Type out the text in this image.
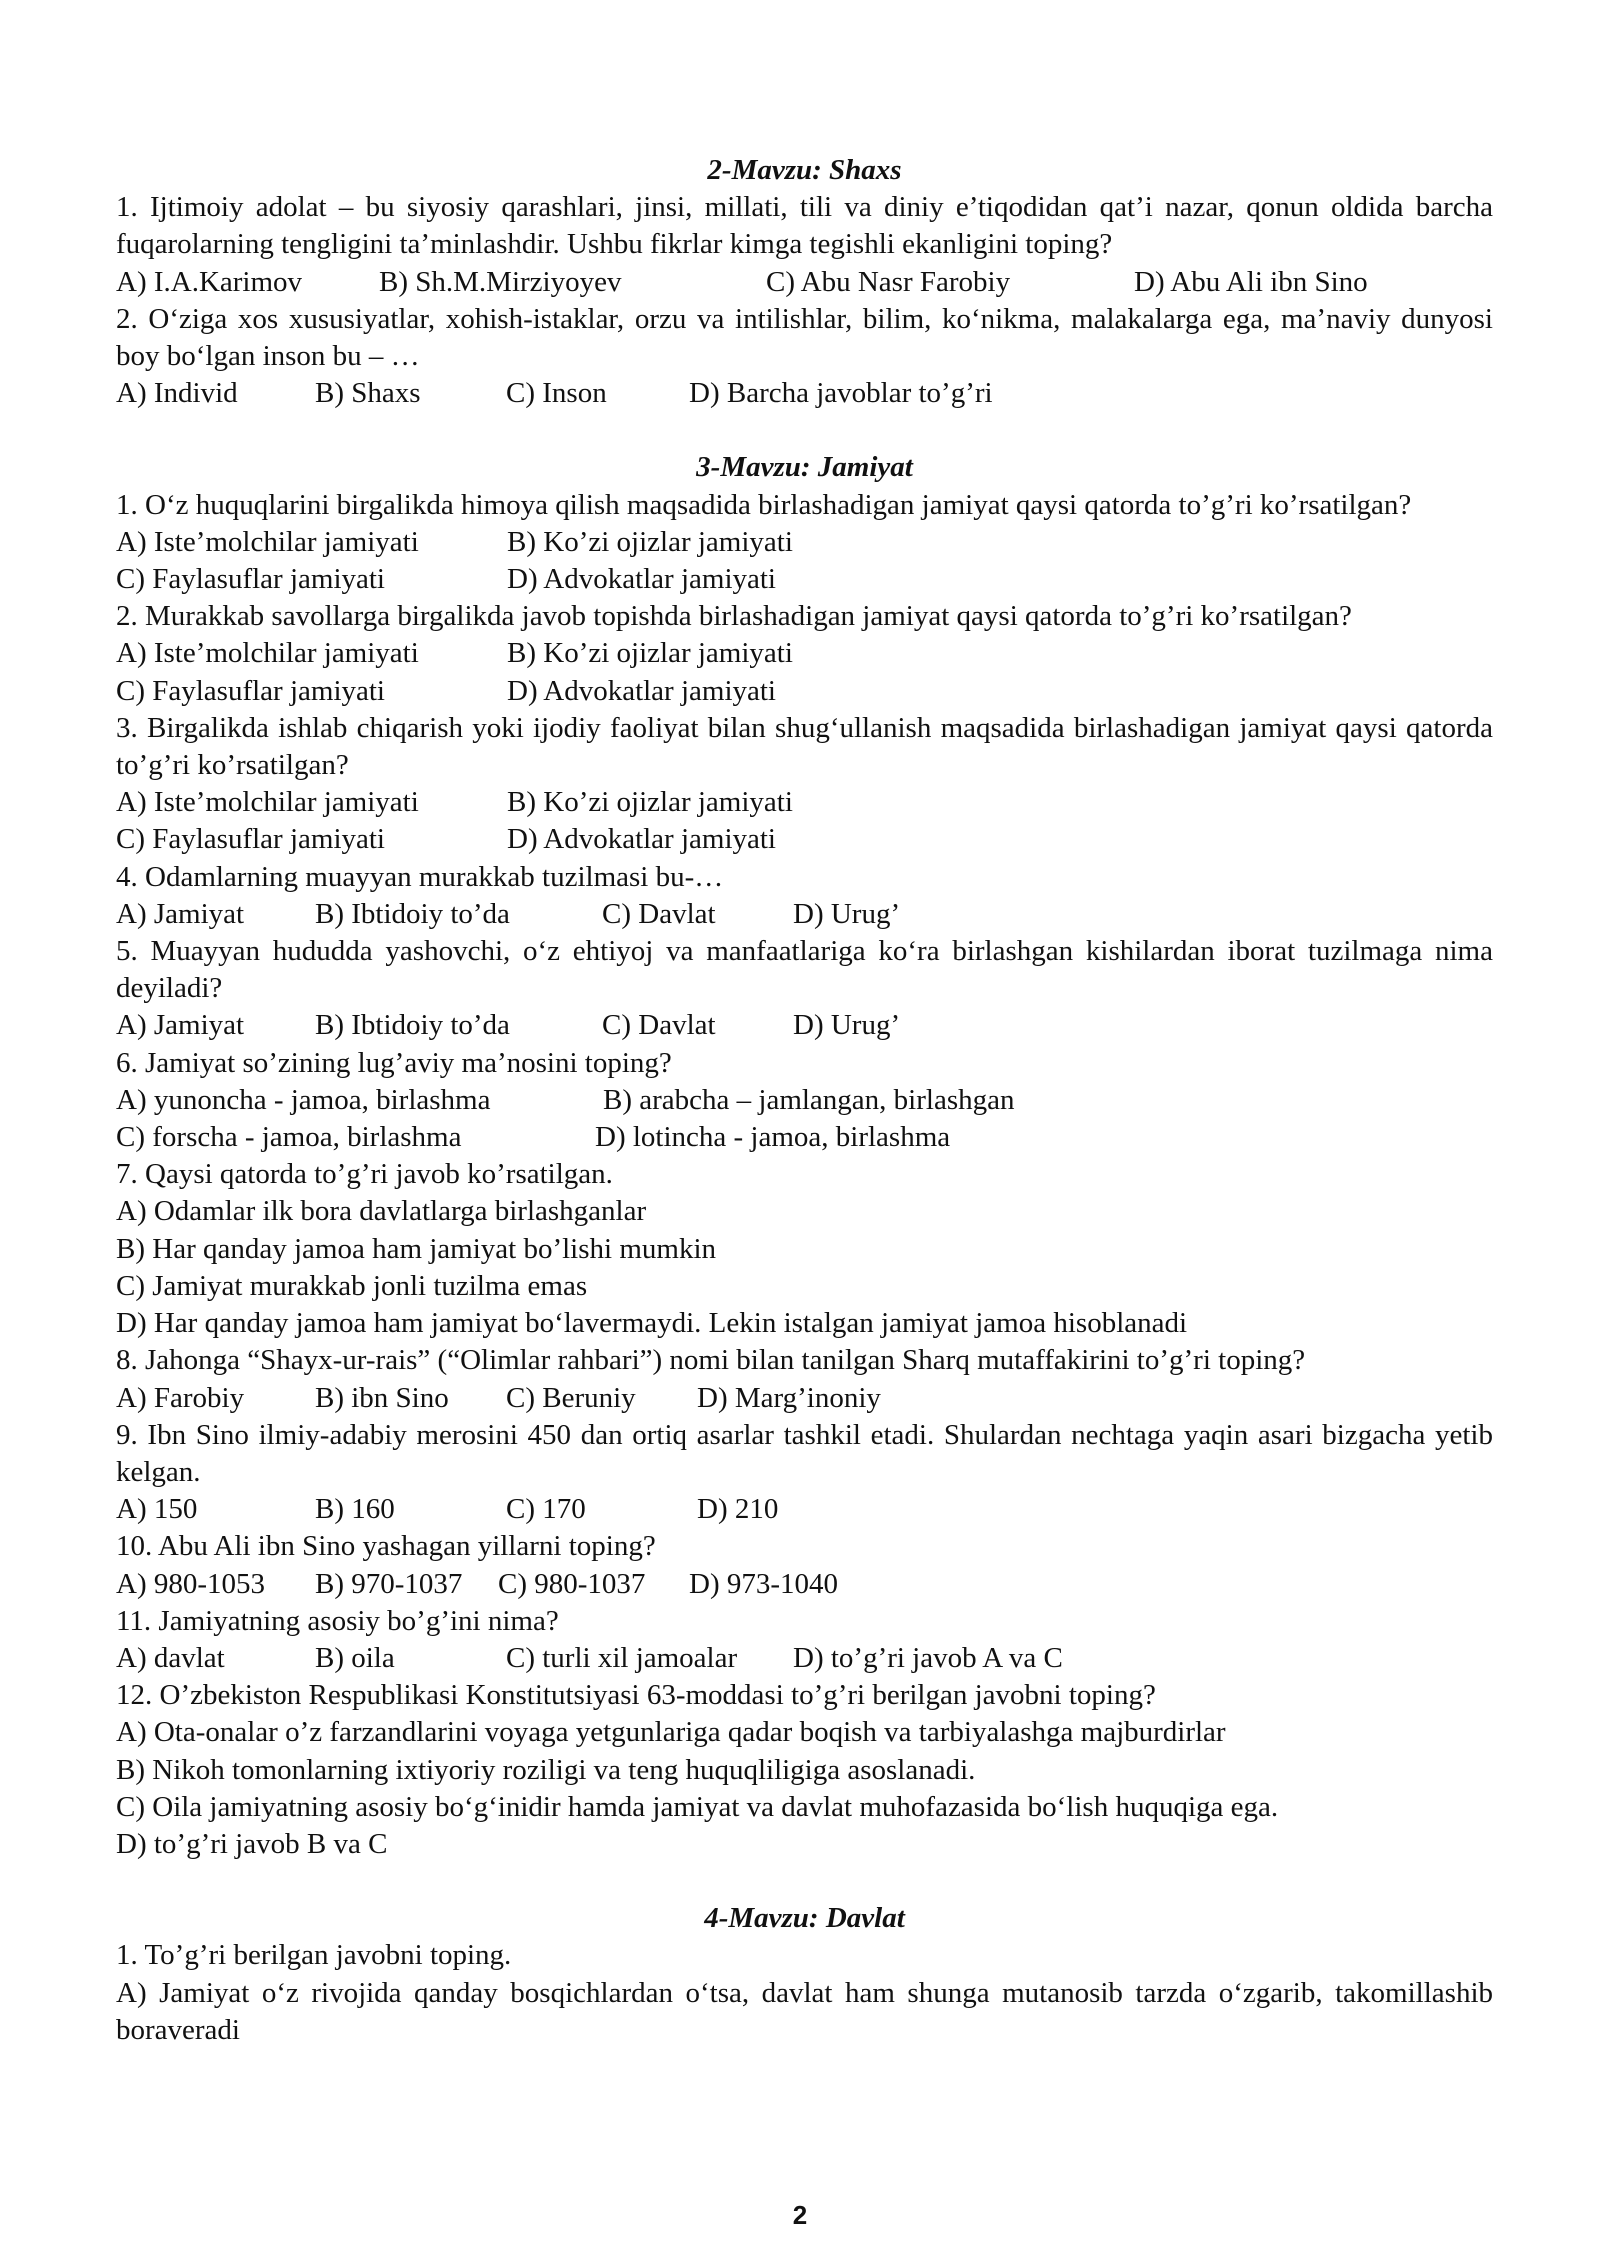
2-Mavzu: Shaxs
1. Ijtimoiy adolat – bu siyosiy qarashlari, jinsi, millati, tili va diniy e’tiqodidan qat’i nazar, qonun oldida barcha fuqarolarning tengligini ta’minlashdir. Ushbu fikrlar kimga tegishli ekanligini toping?
A) I.A.Karimov	B) Sh.M.Mirziyoyev	C) Abu Nasr Farobiy	D) Abu Ali ibn Sino
2. O‘ziga xos xususiyatlar, xohish-istaklar, orzu va intilishlar, bilim, ko‘nikma, malakalarga ega, ma’naviy dunyosi boy bo‘lgan inson bu – …
A) Individ	B) Shaxs	C) Inson	D) Barcha javoblar to’g’ri
3-Mavzu: Jamiyat
1. O‘z huquqlarini birgalikda himoya qilish maqsadida birlashadigan jamiyat qaysi qatorda to’g’ri ko’rsatilgan?
A) Iste’molchilar jamiyati	B) Ko’zi ojizlar jamiyati
C) Faylasuflar jamiyati	D) Advokatlar jamiyati
2. Murakkab savollarga birgalikda javob topishda birlashadigan jamiyat qaysi qatorda to’g’ri ko’rsatilgan?
A) Iste’molchilar jamiyati	B) Ko’zi ojizlar jamiyati
C) Faylasuflar jamiyati	D) Advokatlar jamiyati
3. Birgalikda ishlab chiqarish yoki ijodiy faoliyat bilan shug‘ullanish maqsadida birlashadigan jamiyat qaysi qatorda to’g’ri ko’rsatilgan?
A) Iste’molchilar jamiyati	B) Ko’zi ojizlar jamiyati
C) Faylasuflar jamiyati	D) Advokatlar jamiyati
4. Odamlarning muayyan murakkab tuzilmasi bu-…
A) Jamiyat	B) Ibtidoiy to’da	C) Davlat	D) Urug’
5. Muayyan hududda yashovchi, o‘z ehtiyoj va manfaatlariga ko‘ra birlashgan kishilardan iborat tuzilmaga nima deyiladi?
A) Jamiyat	B) Ibtidoiy to’da	C) Davlat	D) Urug’
6. Jamiyat so’zining lug’aviy ma’nosini toping?
A) yunoncha - jamoa, birlashma	B) arabcha – jamlangan, birlashgan
C) forscha - jamoa, birlashma	D) lotincha - jamoa, birlashma
7. Qaysi qatorda to’g’ri javob ko’rsatilgan.
A) Odamlar ilk bora davlatlarga birlashganlar
B) Har qanday jamoa ham jamiyat bo’lishi mumkin
C) Jamiyat murakkab jonli tuzilma emas
D) Har qanday jamoa ham jamiyat bo‘lavermaydi. Lekin istalgan jamiyat jamoa hisoblanadi
8. Jahonga “Shayx-ur-rais” (“Olimlar rahbari”) nomi bilan tanilgan Sharq mutaffakirini to’g’ri toping?
A) Farobiy	B) ibn Sino	C) Beruniy	D) Marg’inoniy
9. Ibn Sino ilmiy-adabiy merosini 450 dan ortiq asarlar tashkil etadi. Shulardan nechtaga yaqin asari bizgacha yetib kelgan.
A) 150	B) 160	C) 170	D) 210
10. Abu Ali ibn Sino yashagan yillarni toping?
A) 980-1053	B) 970-1037	C) 980-1037	D) 973-1040
11. Jamiyatning asosiy bo’g’ini nima?
A) davlat	B) oila	C) turli xil jamoalar	D) to’g’ri javob A va C
12. O’zbekiston Respublikasi Konstitutsiyasi 63-moddasi to’g’ri berilgan javobni toping?
A) Ota-onalar o’z farzandlarini voyaga yetgunlariga qadar boqish va tarbiyalashga majburdirlar
B) Nikoh tomonlarning ixtiyoriy roziligi va teng huquqliligiga asoslanadi.
C) Oila jamiyatning asosiy bo‘g‘inidir hamda jamiyat va davlat muhofazasida bo‘lish huquqiga ega.
D) to’g’ri javob B va C
4-Mavzu: Davlat
1. To’g’ri berilgan javobni toping.
A) Jamiyat o‘z rivojida qanday bosqichlardan o‘tsa, davlat ham shunga mutanosib tarzda o‘zgarib, takomillashib boraveradi
2
